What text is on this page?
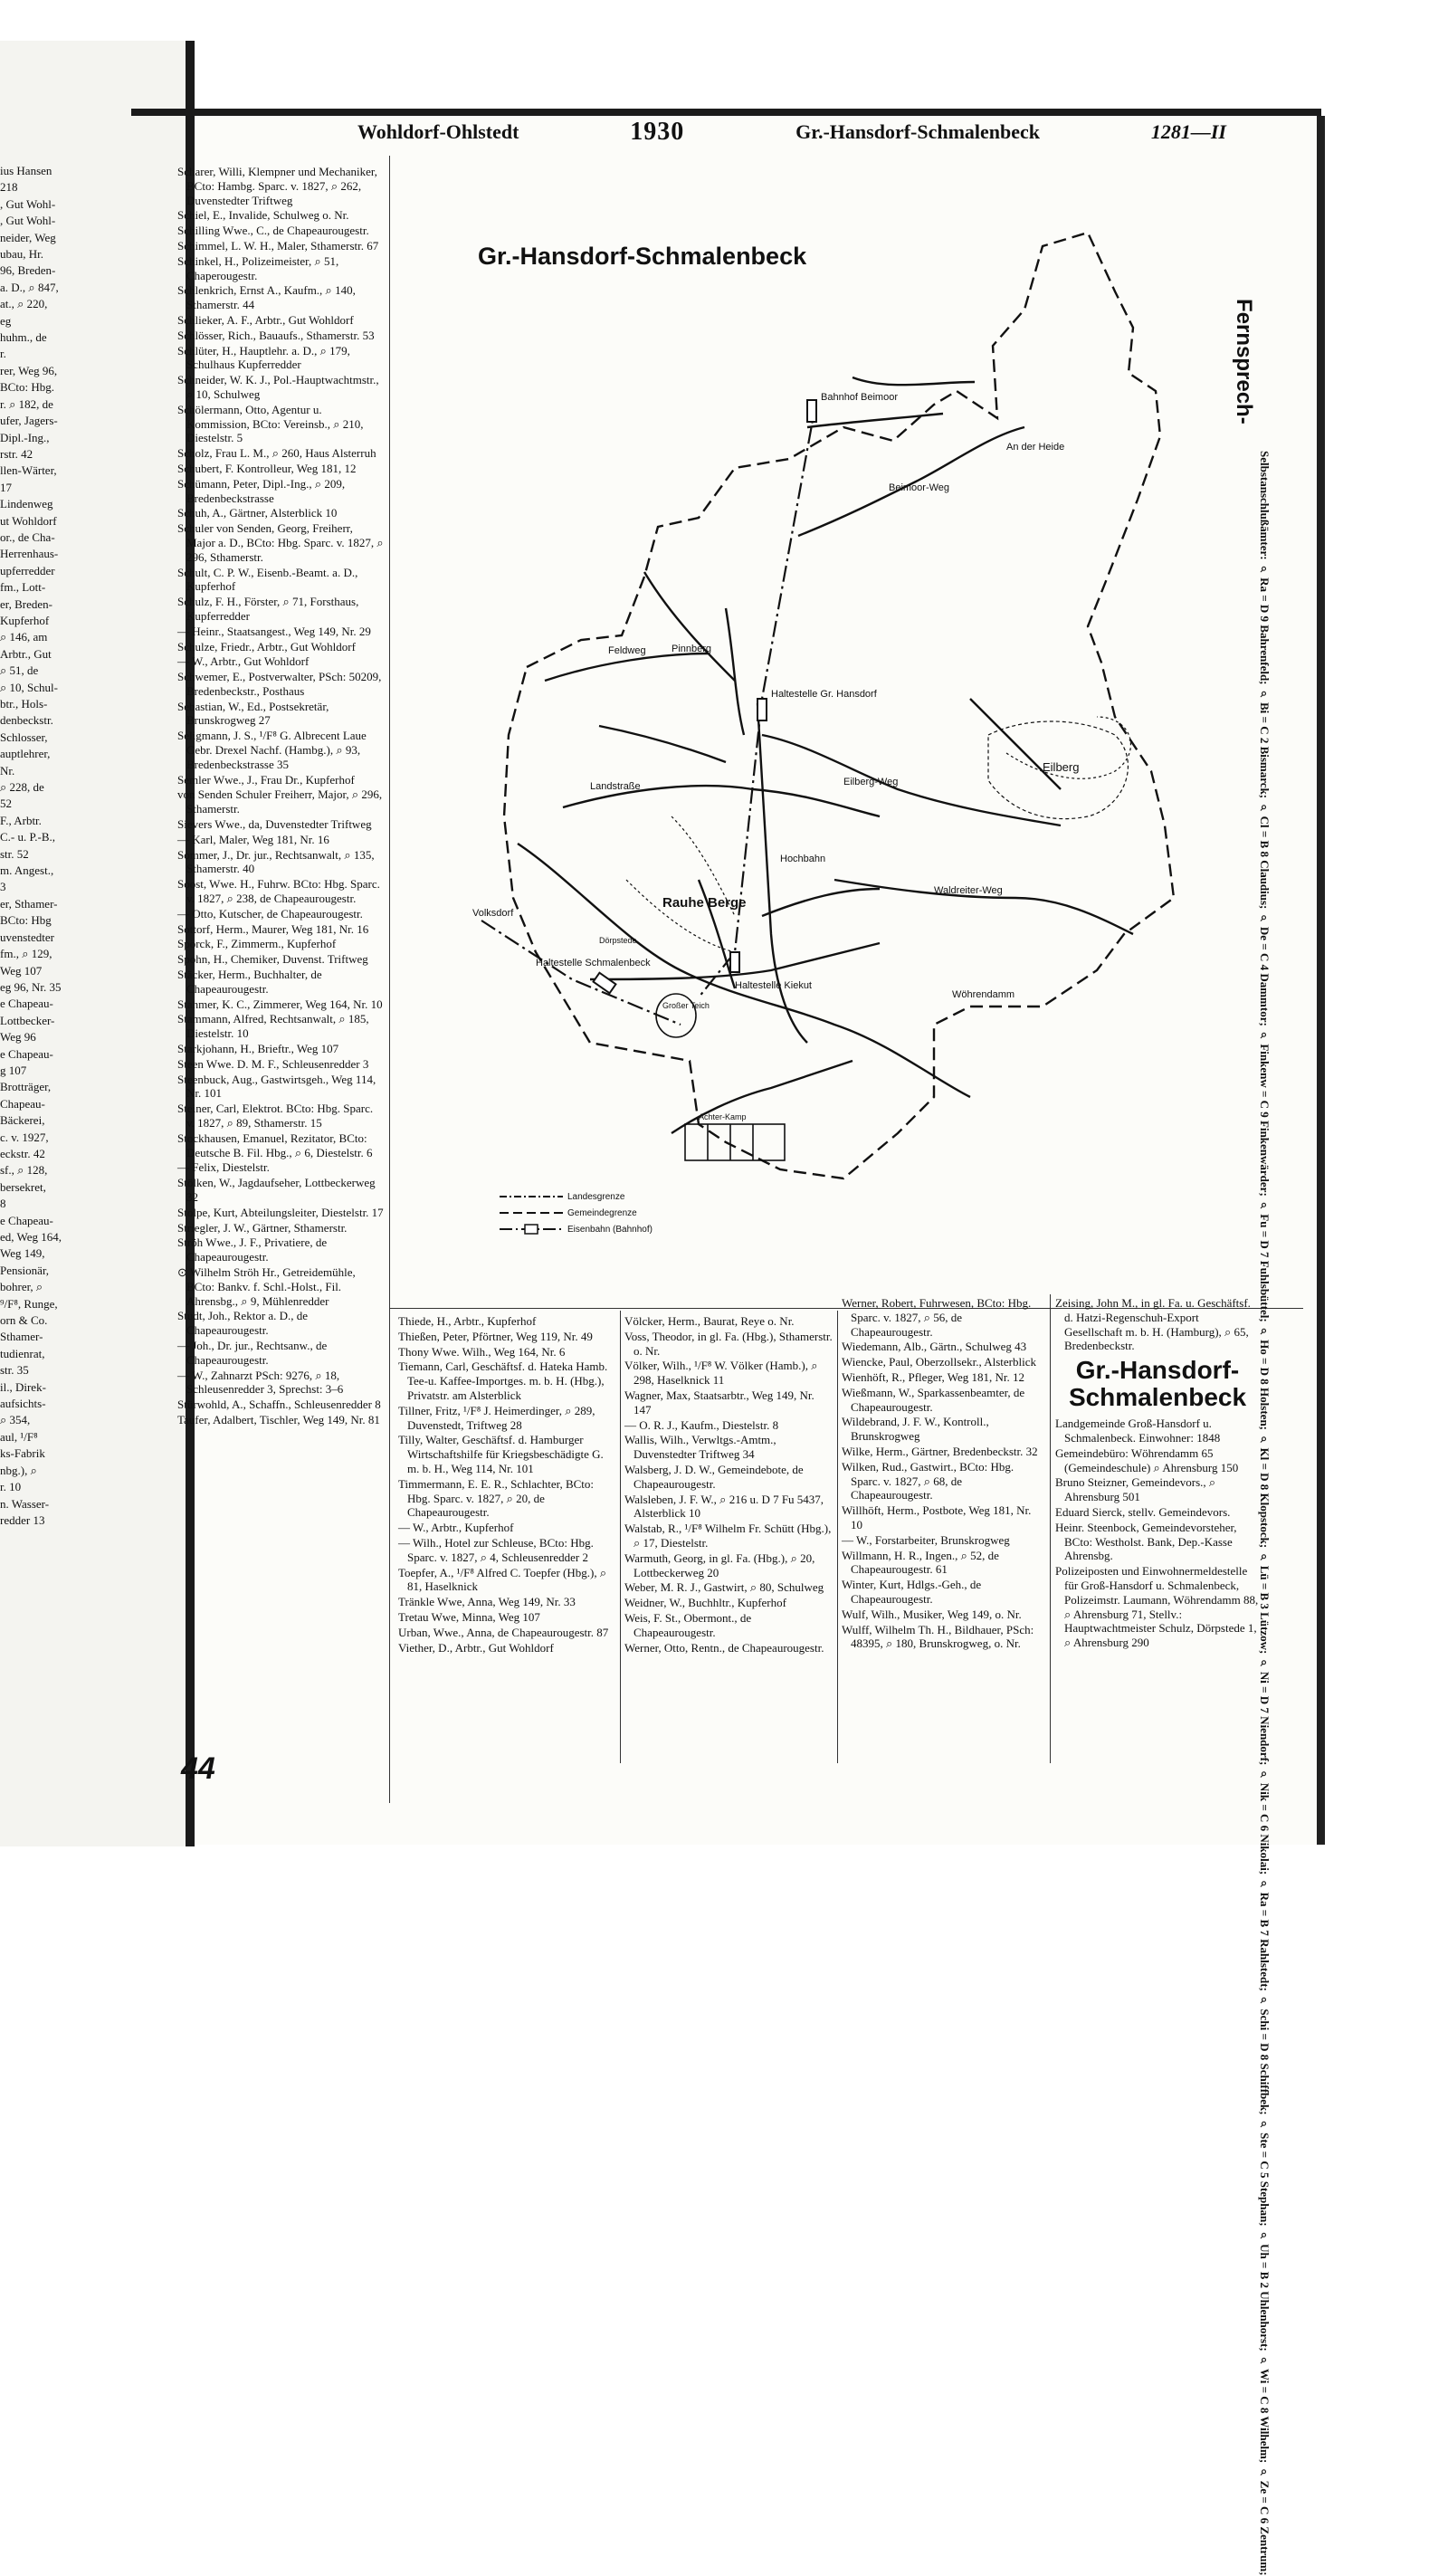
ius Hansen
218
, Gut Wohl-
, Gut Wohl-
neider, Weg
ubau, Hr.
96, Breden-
a. D., ⌕ 847,
at., ⌕ 220,
eg
huhm., de
r.
rer, Weg 96,
BCto: Hbg.
r. ⌕ 182, de
ufer, Jagers-
Dipl.-Ing.,
rstr. 42
llen-Wärter,
17
Lindenweg
ut Wohldorf
or., de Cha-
Herrenhaus-
upferredder
fm., Lott-
er, Breden-
Kupferhof
⌕ 146, am
Arbtr., Gut
⌕ 51, de
⌕ 10, Schul-
btr., Hols-
denbeckstr.
Schlosser,
auptlehrer,
Nr.
⌕ 228, de
52
F., Arbtr.
C.- u. P.-B.,
str. 52
m. Angest.,
3
er, Sthamer-
BCto: Hbg
uvenstedter
fm., ⌕ 129,
Weg 107
eg 96, Nr. 35
e Chapeau-
Lottbecker-
Weg 96
e Chapeau-
g 107
Brotträger,
Chapeau-
Bäckerei,
c. v. 1927,
eckstr. 42
sf., ⌕ 128,
bersekret,
8
e Chapeau-
ed, Weg 164,
Weg 149,
Pensionär,
bohrer, ⌕
⁹/F⁸, Runge,
orn & Co.
Sthamer-
tudienrat,
str. 35
il., Direk-
aufsichts-
⌕ 354,
aul, ¹/F⁸
ks-Fabrik
nbg.), ⌕
r. 10
n. Wasser-
redder 13
Wohldorf-Ohlstedt	1930	Gr.-Hansdorf-Schmalenbeck	1281—II
Scharer, Willi, Klempner und Mechaniker, BCto: Hambg. Sparc. v. 1827, ⌕ 262, Duvenstedter Triftweg
Schiel, E., Invalide, Schulweg o. Nr.
Schilling Wwe., C., de Chapeaurougestr.
Schimmel, L. W. H., Maler, Sthamerstr. 67
Schinkel, H., Polizeimeister, ⌕ 51, Chaperougestr.
Schlenkrich, Ernst A., Kaufm., ⌕ 140, Sthamerstr. 44
Schlieker, A. F., Arbtr., Gut Wohldorf
Schlösser, Rich., Bauaufs., Sthamerstr. 53
Schlüter, H., Hauptlehr. a. D., ⌕ 179, Schulhaus Kupferredder
Schneider, W. K. J., Pol.-Hauptwachtmstr., ⌕ 10, Schulweg
Schölermann, Otto, Agentur u. Kommission, BCto: Vereinsb., ⌕ 210, Diestelstr. 5
Scholz, Frau L. M., ⌕ 260, Haus Alsterruh
Schubert, F. Kontrolleur, Weg 181, 12
Schümann, Peter, Dipl.-Ing., ⌕ 209, Bredenbeckstrasse
Schuh, A., Gärtner, Alsterblick 10
Schuler von Senden, Georg, Freiherr, Major a. D., BCto: Hbg. Sparc. v. 1827, ⌕ 296, Sthamerstr.
Schult, C. P. W., Eisenb.-Beamt. a. D., Kupferhof
Schulz, F. H., Förster, ⌕ 71, Forsthaus, Kupferredder
— Heinr., Staatsangest., Weg 149, Nr. 29
Schulze, Friedr., Arbtr., Gut Wohldorf
— W., Arbtr., Gut Wohldorf
Schwemer, E., Postverwalter, PSch: 50209, Bredenbeckstr., Posthaus
Sebastian, W., Ed., Postsekretär, Brunskrogweg 27
Seligmann, J. S., ¹/F⁸ G. Albrecent Laue Gebr. Drexel Nachf. (Hambg.), ⌕ 93, Bredenbeckstrasse 35
Semler Wwe., J., Frau Dr., Kupferhof
von Senden Schuler Freiherr, Major, ⌕ 296, Sthamerstr.
Sievers Wwe., da, Duvenstedter Triftweg
— Karl, Maler, Weg 181, Nr. 16
Sommer, J., Dr. jur., Rechtsanwalt, ⌕ 135, Sthamerstr. 40
Soost, Wwe. H., Fuhrw. BCto: Hbg. Sparc. v. 1827, ⌕ 238, de Chapeaurougestr.
— Otto, Kutscher, de Chapeaurougestr.
Sottorf, Herm., Maurer, Weg 181, Nr. 16
Spörck, F., Zimmerm., Kupferhof
Spohn, H., Chemiker, Duvenst. Triftweg
Stäcker, Herm., Buchhalter, de Chapeaurougestr.
Stahmer, K. C., Zimmerer, Weg 164, Nr. 10
Stammann, Alfred, Rechtsanwalt, ⌕ 185, Diestelstr. 10
Starkjohann, H., Brieftr., Weg 107
Steen Wwe. D. M. F., Schleusenredder 3
Steenbuck, Aug., Gastwirtsgeh., Weg 114, Nr. 101
Steiner, Carl, Elektrot. BCto: Hbg. Sparc. v. 1827, ⌕ 89, Sthamerstr. 15
Stockhausen, Emanuel, Rezitator, BCto: Deutsche B. Fil. Hbg., ⌕ 6, Diestelstr. 6
— Felix, Diestelstr.
Stölken, W., Jagdaufseher, Lottbeckerweg 32
Stolpe, Kurt, Abteilungsleiter, Diestelstr. 17
Striegler, J. W., Gärtner, Sthamerstr.
Ströh Wwe., J. F., Privatiere, de Chapeaurougestr.
⊙ Wilhelm Ströh Hr., Getreidemühle, BCto: Bankv. f. Schl.-Holst., Fil. Ahrensbg., ⌕ 9, Mühlenredder
Studt, Joh., Rektor a. D., de Chapeaurougestr.
— Joh., Dr. jur., Rechtsanw., de Chapeaurougestr.
— W., Zahnarzt PSch: 9276, ⌕ 18, Schleusenredder 3, Sprechst: 3–6
Stürwohld, A., Schaffn., Schleusenredder 8
Taufer, Adalbert, Tischler, Weg 149, Nr. 81
Gr.-Hansdorf-Schmalenbeck
Bahnhof Beimoor
Haltestelle Gr. Hansdorf
Haltestelle Schmalenbeck
Haltestelle Kiekut
Eilberg
Rauhe Berge
Großer Teich
Volksdorf
Pinnberg
Feldweg
Beimoor-Weg
An der Heide
Landstraße	Eilberg-Weg
Waldreiter-Weg
Wöhrendamm
Hochbahn
Dörpstede
Achter-Kamp
Landesgrenze
Gemeindegrenze
Eisenbahn (Bahnhof)
Fernsprech-
Selbstanschlußämter: ⌕ Ra = D 9 Bahrenfeld; ⌕ Bi = C 2 Bismarck; ⌕ Cl = B 8 Claudius; ⌕ De = C 4 Dammtor; ⌕ Finkenw = C 9 Finkenwärder; ⌕ Fu = D 7 Fuhlsbüttel; ⌕ Ho = D 8 Holsten; ⌕ Kl = D 8 Klopstock; ⌕ Lü = B 3 Lützow; ⌕ Ni = D 7 Niendorf; ⌕ Nik = C 6 Nikolai; ⌕ Ra = B 7 Rahlstedt; ⌕ Schi = D 8 Schiffbek; ⌕ Ste = C 5 Stephan; ⌕ Uh = B 2 Uhlenhorst; ⌕ Wi = C 8 Wilhelm; ⌕ Ze = C 6 Zentrum;
Thiede, H., Arbtr., Kupferhof
Thießen, Peter, Pförtner, Weg 119, Nr. 49
Thony Wwe. Wilh., Weg 164, Nr. 6
Tiemann, Carl, Geschäftsf. d. Hateka Hamb. Tee-u. Kaffee-Importges. m. b. H. (Hbg.), Privatstr. am Alsterblick
Tillner, Fritz, ¹/F⁸ J. Heimerdinger, ⌕ 289, Duvenstedt, Triftweg 28
Tilly, Walter, Geschäftsf. d. Hamburger Wirtschaftshilfe für Kriegsbeschädigte G. m. b. H., Weg 114, Nr. 101
Timmermann, E. E. R., Schlachter, BCto: Hbg. Sparc. v. 1827, ⌕ 20, de Chapeaurougestr.
— W., Arbtr., Kupferhof
— Wilh., Hotel zur Schleuse, BCto: Hbg. Sparc. v. 1827, ⌕ 4, Schleusenredder 2
Toepfer, A., ¹/F⁸ Alfred C. Toepfer (Hbg.), ⌕ 81, Haselknick
Tränkle Wwe, Anna, Weg 149, Nr. 33
Tretau Wwe, Minna, Weg 107
Urban, Wwe., Anna, de Chapeaurougestr. 87
Viether, D., Arbtr., Gut Wohldorf
Völcker, Herm., Baurat, Reye o. Nr.
Voss, Theodor, in gl. Fa. (Hbg.), Sthamerstr. o. Nr.
Völker, Wilh., ¹/F⁸ W. Völker (Hamb.), ⌕ 298, Haselknick 11
Wagner, Max, Staatsarbtr., Weg 149, Nr. 147
— O. R. J., Kaufm., Diestelstr. 8
Wallis, Wilh., Verwltgs.-Amtm., Duvenstedter Triftweg 34
Walsberg, J. D. W., Gemeindebote, de Chapeaurougestr.
Walsleben, J. F. W., ⌕ 216 u. D 7 Fu 5437, Alsterblick 10
Walstab, R., ¹/F⁸ Wilhelm Fr. Schütt (Hbg.), ⌕ 17, Diestelstr.
Warmuth, Georg, in gl. Fa. (Hbg.), ⌕ 20, Lottbeckerweg 20
Weber, M. R. J., Gastwirt, ⌕ 80, Schulweg
Weidner, W., Buchhltr., Kupferhof
Weis, F. St., Obermont., de Chapeaurougestr.
Werner, Otto, Rentn., de Chapeaurougestr.
Werner, Robert, Fuhrwesen, BCto: Hbg. Sparc. v. 1827, ⌕ 56, de Chapeaurougestr.
Wiedemann, Alb., Gärtn., Schulweg 43
Wiencke, Paul, Oberzollsekr., Alsterblick
Wienhöft, R., Pfleger, Weg 181, Nr. 12
Wießmann, W., Sparkassenbeamter, de Chapeaurougestr.
Wildebrand, J. F. W., Kontroll., Brunskrogweg
Wilke, Herm., Gärtner, Bredenbeckstr. 32
Wilken, Rud., Gastwirt., BCto: Hbg. Sparc. v. 1827, ⌕ 68, de Chapeaurougestr.
Willhöft, Herm., Postbote, Weg 181, Nr. 10
— W., Forstarbeiter, Brunskrogweg
Willmann, H. R., Ingen., ⌕ 52, de Chapeaurougestr. 61
Winter, Kurt, Hdlgs.-Geh., de Chapeaurougestr.
Wulf, Wilh., Musiker, Weg 149, o. Nr.
Wulff, Wilhelm Th. H., Bildhauer, PSch: 48395, ⌕ 180, Brunskrogweg, o. Nr.
Zeising, John M., in gl. Fa. u. Geschäftsf. d. Hatzi-Regenschuh-Export Gesellschaft m. b. H. (Hamburg), ⌕ 65, Bredenbeckstr.
Gr.-Hansdorf-Schmalenbeck
Landgemeinde Groß-Hansdorf u. Schmalenbeck. Einwohner: 1848
Gemeindebüro: Wöhrendamm 65 (Gemeindeschule) ⌕ Ahrensburg 150
Bruno Steizner, Gemeindevors., ⌕ Ahrensburg 501
Eduard Sierck, stellv. Gemeindevors.
Heinr. Steenbock, Gemeindevorsteher, BCto: Westholst. Bank, Dep.-Kasse Ahrensbg.
Polizeiposten und Einwohnermeldestelle für Groß-Hansdorf u. Schmalenbeck, Polizeimstr. Laumann, Wöhrendamm 88, ⌕ Ahrensburg 71, Stellv.: Hauptwachtmeister Schulz, Dörpstede 1, ⌕ Ahrensburg 290
44
